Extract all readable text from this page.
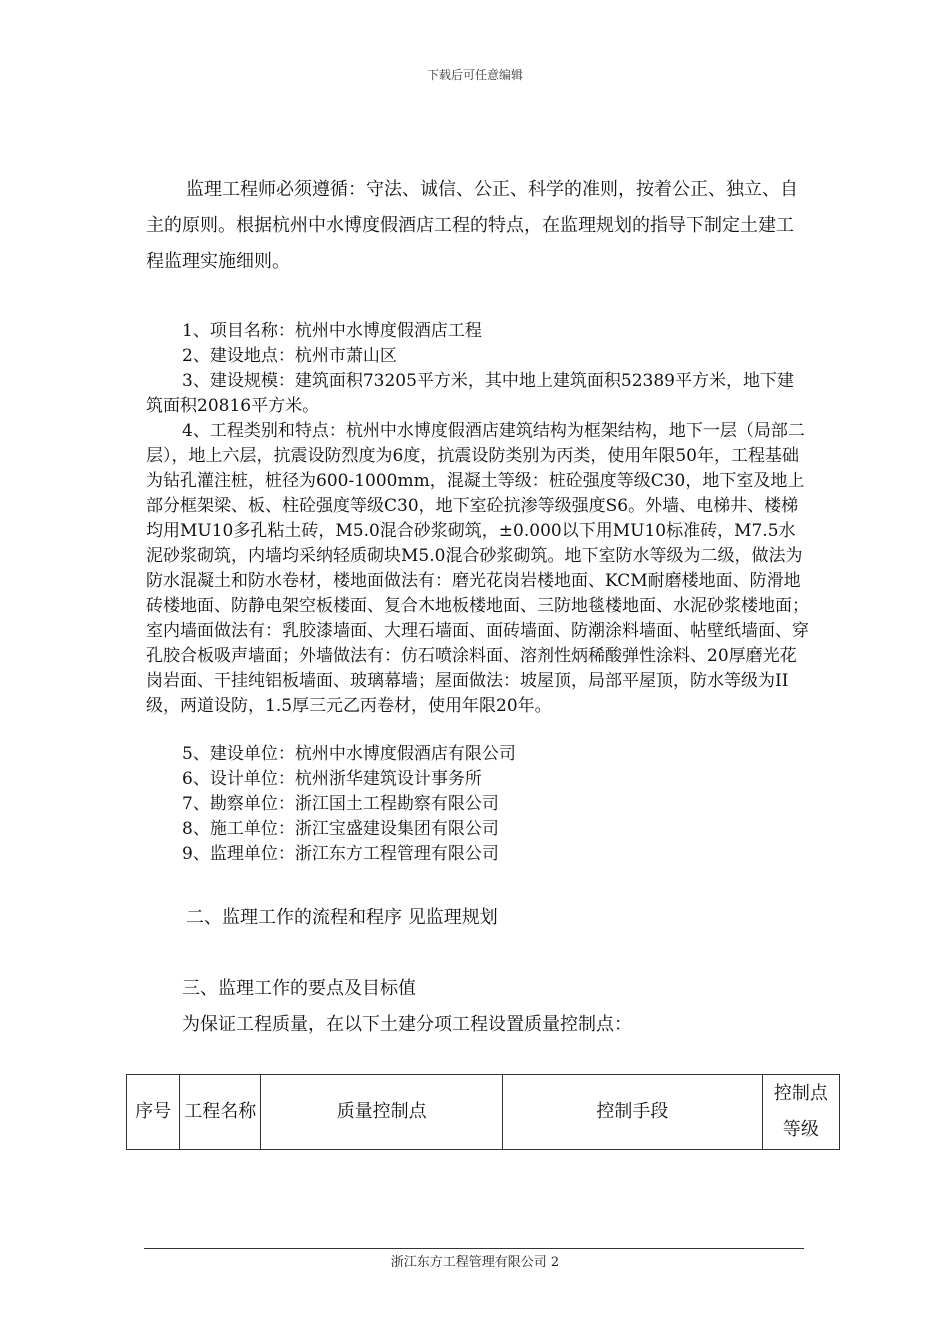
下载后可任意编辑

监理工程师必须遵循：守法、诚信、公正、科学的准则，按着公正、独立、自主的原则。根据杭州中水博度假酒店工程的特点，在监理规划的指导下制定土建工程监理实施细则。

1、项目名称：杭州中水博度假酒店工程

2、建设地点：杭州市萧山区

3、建设规模：建筑面积73205平方米，其中地上建筑面积52389平方米，地下建筑面积20816平方米。

4、工程类别和特点：杭州中水博度假酒店建筑结构为框架结构，地下一层（局部二层），地上六层，抗震设防烈度为6度，抗震设防类别为丙类，使用年限50年，工程基础为钻孔灌注桩，桩径为600-1000mm，混凝土等级：桩砼强度等级C30，地下室及地上部分框架梁、板、柱砼强度等级C30，地下室砼抗渗等级强度S6。外墙、电梯井、楼梯均用MU10多孔粘土砖，M5.0混合砂浆砌筑，±0.000以下用MU10标准砖，M7.5水泥砂浆砌筑，内墙均采纳轻质砌块M5.0混合砂浆砌筑。地下室防水等级为二级，做法为防水混凝土和防水卷材，楼地面做法有：磨光花岗岩楼地面、KCM耐磨楼地面、防滑地砖楼地面、防静电架空板楼面、复合木地板楼地面、三防地毯楼地面、水泥砂浆楼地面；室内墙面做法有：乳胶漆墙面、大理石墙面、面砖墙面、防潮涂料墙面、帖壁纸墙面、穿孔胶合板吸声墙面；外墙做法有：仿石喷涂料面、溶剂性炳稀酸弹性涂料、20厚磨光花岗岩面、干挂纯铝板墙面、玻璃幕墙；屋面做法：坡屋顶，局部平屋顶，防水等级为II级，两道设防，1.5厚三元乙丙卷材，使用年限20年。

5、建设单位：杭州中水博度假酒店有限公司

6、设计单位：杭州浙华建筑设计事务所

7、勘察单位：浙江国土工程勘察有限公司

8、施工单位：浙江宝盛建设集团有限公司

9、监理单位：浙江东方工程管理有限公司

二、监理工作的流程和程序 见监理规划

三、监理工作的要点及目标值

为保证工程质量，在以下土建分项工程设置质量控制点：

序号	工程名称	质量控制点	控制手段	控制点等级
浙江东方工程管理有限公司 2
